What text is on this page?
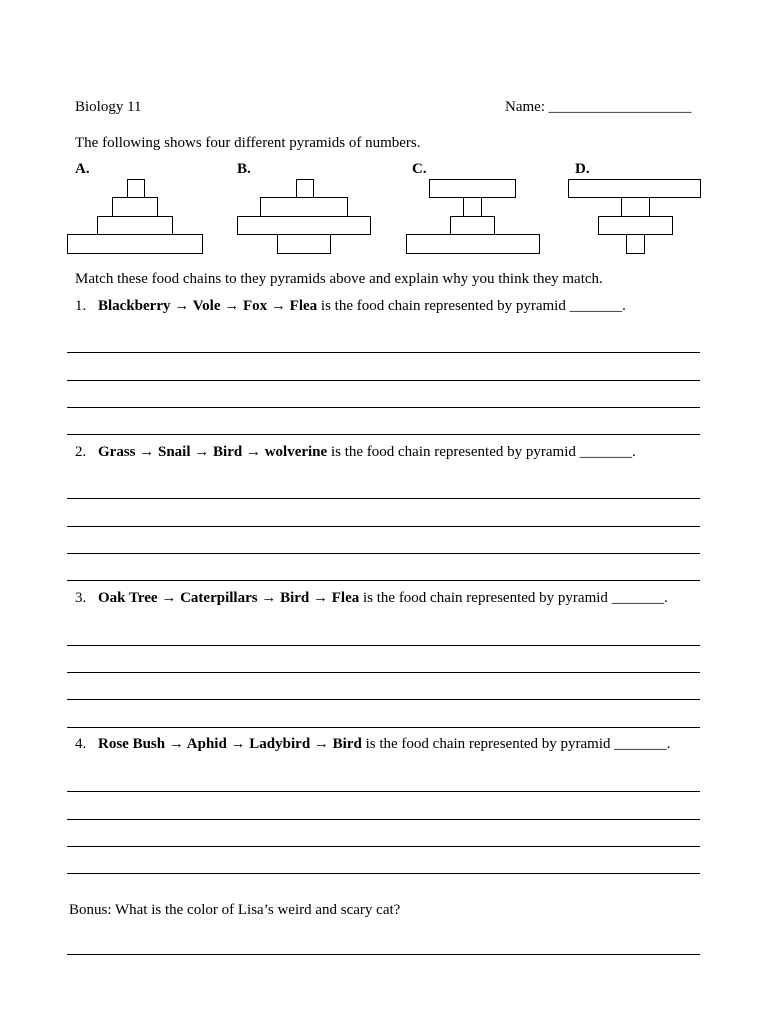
Biology 11	Name: ___________________
The following shows four different pyramids of numbers.
A.	B.	C.	D.
Match these food chains to they pyramids above and explain why you think they match.
1. Blackberry → Vole → Fox → Flea is the food chain represented by pyramid _______.
2. Grass → Snail → Bird → wolverine is the food chain represented by pyramid _______.
3. Oak Tree → Caterpillars → Bird → Flea is the food chain represented by pyramid _______.
4. Rose Bush → Aphid → Ladybird → Bird is the food chain represented by pyramid _______.
Bonus: What is the color of Lisa’s weird and scary cat?
